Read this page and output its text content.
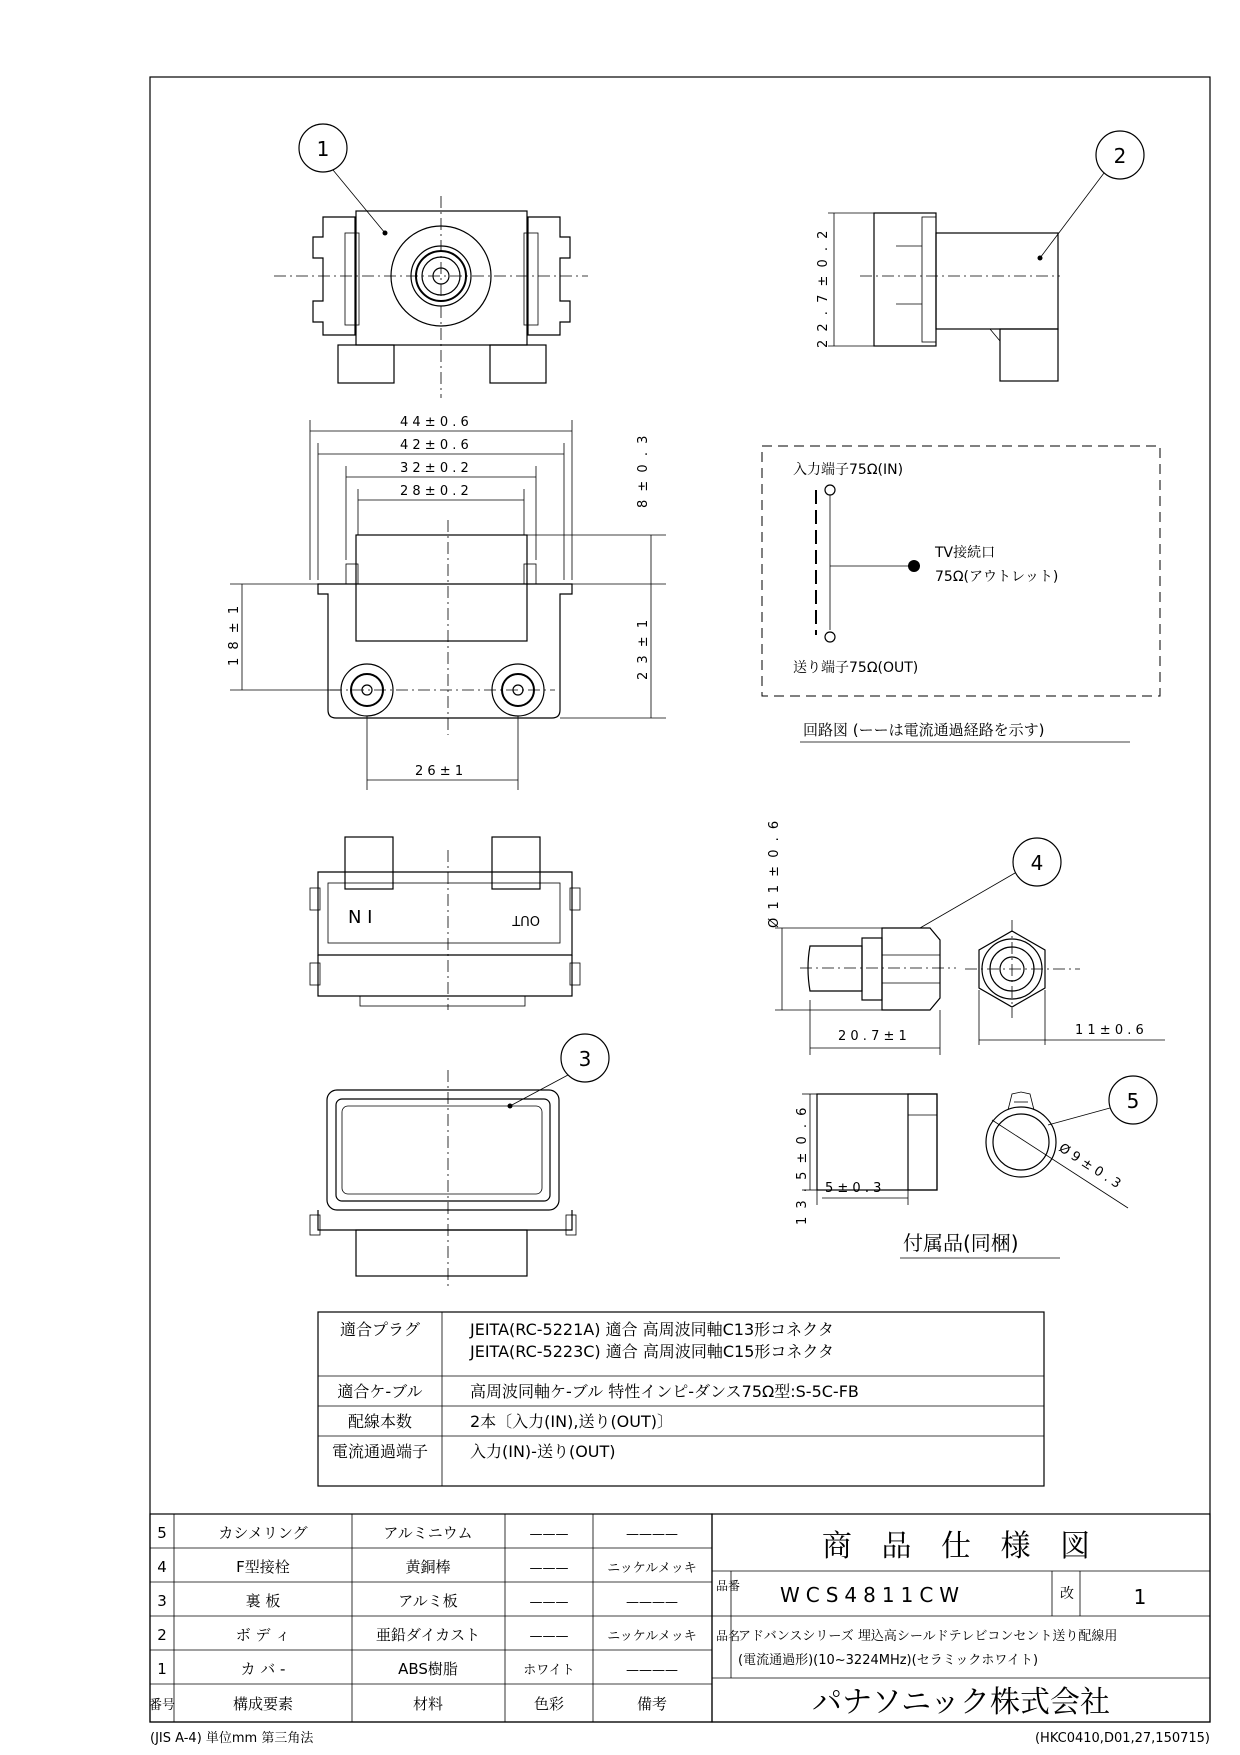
1	2
2 2 . 7 ± 0 . 2
4 4 ± 0 . 6
4 2 ± 0 . 6
3 2 ± 0 . 2
2 8 ± 0 . 2	8 ± 0 . 3
2 3 ± 1
1 8 ± 1
2 6 ± 1
入力端子75Ω(IN)
TV接続口
75Ω(アウトレット)
送り端子75Ω(OUT)
回路図 (ーーは電流通過経路を示す)
N I	OUT
3
4
Ø 1 1 ± 0 . 6
2 0 . 7 ± 1	1 1 ± 0 . 6
5
1 3 . 5 ± 0 . 6 5 ± 0 . 3	Ø 9 ± 0 . 3
付属品(同梱)
適合プラグ	JEITA(RC-5221A) 適合 高周波同軸C13形コネクタ
JEITA(RC-5223C) 適合 高周波同軸C15形コネクタ
適合ケ-ブル	高周波同軸ケ-ブル 特性インピ-ダンス75Ω型:S-5C-FB
配線本数	2本〔入力(IN),送り(OUT)〕
電流通過端子	入力(IN)-送り(OUT)
5	カシメリング	アルミニウム	———	————
4	F型接栓	黄銅棒	———	ニッケルメッキ
3	裏 板	アルミ板	———	————
2	ボ デ ィ	亜鉛ダイカスト	———	ニッケルメッキ
1	カ バ -	ABS樹脂	ホワイト	————
番号	構成要素	材料	色彩	備考
商 品 仕 様 図
品番 WCS4811CW	改	1
品名
アドバンスシリーズ 埋込高シールドテレビコンセント送り配線用
(電流通過形)(10~3224MHz)(セラミックホワイト)
パナソニック株式会社
(JIS A-4) 単位mm 第三角法	(HKC0410,D01,27,150715)
